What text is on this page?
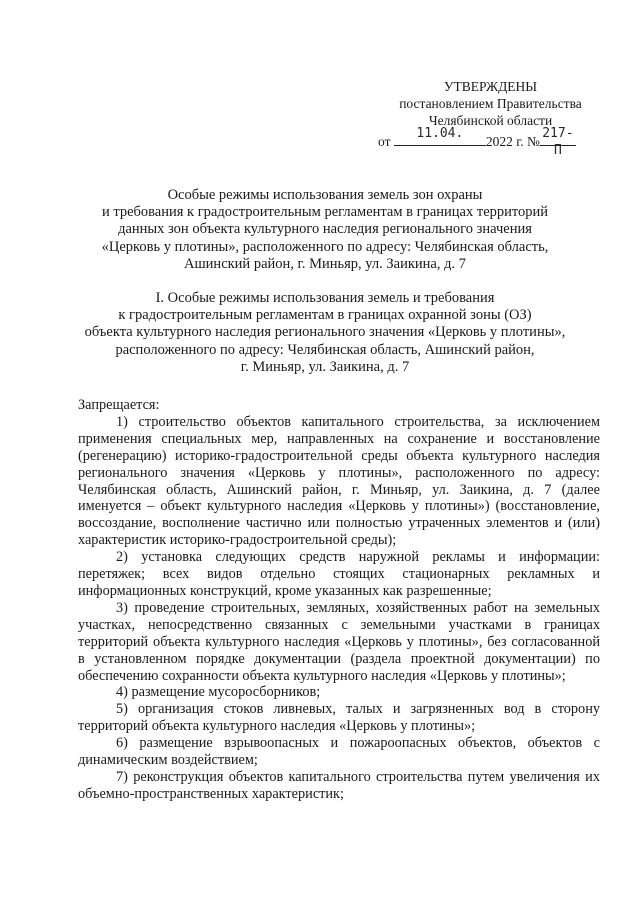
УТВЕРЖДЕНЫ
постановлением Правительства
Челябинской области
от
11.04.
2022 г. №
217-П
Особые режимы использования земель зон охраны
и требования к градостроительным регламентам в границах территорий
данных зон объекта культурного наследия регионального значения
«Церковь у плотины», расположенного по адресу: Челябинская область,
Ашинский район, г. Миньяр, ул. Заикина, д. 7
I. Особые режимы использования земель и требования
к градостроительным регламентам в границах охранной зоны (ОЗ)
объекта культурного наследия регионального значения «Церковь у плотины»,
расположенного по адресу: Челябинская область, Ашинский район,
г. Миньяр, ул. Заикина, д. 7

Запрещается:

1) строительство объектов капитального строительства, за исключением применения специальных мер, направленных на сохранение и восстановление (регенерацию) историко-градостроительной среды объекта культурного наследия регионального значения «Церковь у плотины», расположенного по адресу: Челябинская область, Ашинский район, г. Миньяр, ул. Заикина, д. 7 (далее именуется – объект культурного наследия «Церковь у плотины») (восстановление, воссоздание, восполнение частично или полностью утраченных элементов и (или) характеристик историко-градостроительной среды);

2) установка следующих средств наружной рекламы и информации: перетяжек; всех видов отдельно стоящих стационарных рекламных и информационных конструкций, кроме указанных как разрешенные;

3) проведение строительных, земляных, хозяйственных работ на земельных участках, непосредственно связанных с земельными участками в границах территорий объекта культурного наследия «Церковь у плотины», без согласованной в установленном порядке документации (раздела проектной документации) по обеспечению сохранности объекта культурного наследия «Церковь у плотины»;

4) размещение мусоросборников;

5) организация стоков ливневых, талых и загрязненных вод в сторону территорий объекта культурного наследия «Церковь у плотины»;

6) размещение взрывоопасных и пожароопасных объектов, объектов с динамическим воздействием;

7) реконструкция объектов капитального строительства путем увеличения их объемно-пространственных характеристик;
